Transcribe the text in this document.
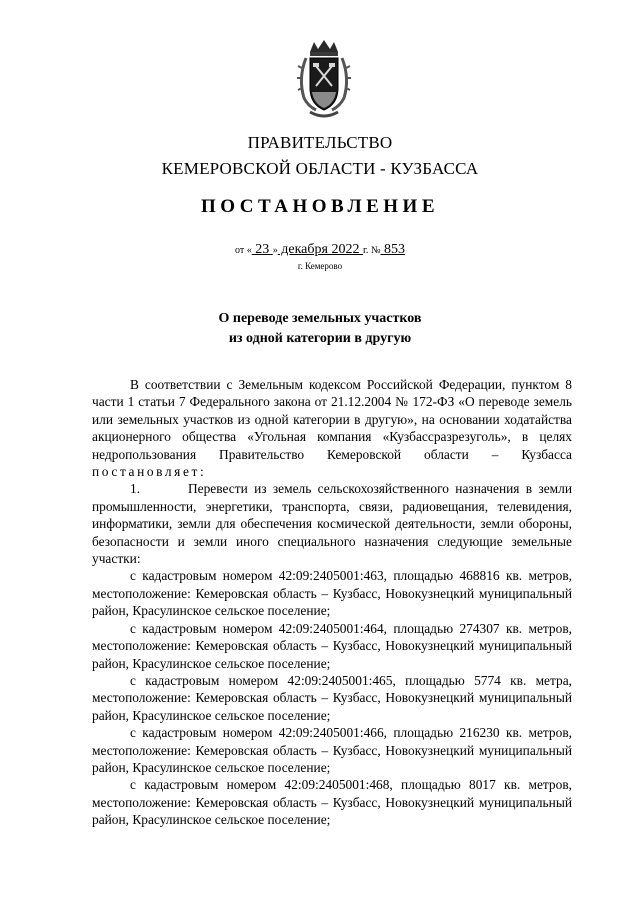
ПРАВИТЕЛЬСТВО
КЕМЕРОВСКОЙ ОБЛАСТИ - КУЗБАССА
ПОСТАНОВЛЕНИЕ
от « 23 » декабря 2022 г. № 853
г. Кемерово
О переводе земельных участков
из одной категории в другую

В соответствии с Земельным кодексом Российской Федерации, пунктом 8 части 1 статьи 7 Федерального закона от 21.12.2004 № 172-ФЗ «О переводе земель или земельных участков из одной категории в другую», на основании ходатайства акционерного общества «Угольная компания «Кузбассразрезуголь», в целях недропользования Правительство Кемеровской области – Кузбасса постановляет:

1.	Перевести из земель сельскохозяйственного назначения в земли промышленности, энергетики, транспорта, связи, радиовещания, телевидения, информатики, земли для обеспечения космической деятельности, земли обороны, безопасности и земли иного специального назначения следующие земельные участки:

с кадастровым номером 42:09:2405001:463, площадью 468816 кв. метров, местоположение: Кемеровская область – Кузбасс, Новокузнецкий муниципальный район, Красулинское сельское поселение;

с кадастровым номером 42:09:2405001:464, площадью 274307 кв. метров, местоположение: Кемеровская область – Кузбасс, Новокузнецкий муниципальный район, Красулинское сельское поселение;

с кадастровым номером 42:09:2405001:465, площадью 5774 кв. метра, местоположение: Кемеровская область – Кузбасс, Новокузнецкий муниципальный район, Красулинское сельское поселение;

с кадастровым номером 42:09:2405001:466, площадью 216230 кв. метров, местоположение: Кемеровская область – Кузбасс, Новокузнецкий муниципальный район, Красулинское сельское поселение;

с кадастровым номером 42:09:2405001:468, площадью 8017 кв. метров, местоположение: Кемеровская область – Кузбасс, Новокузнецкий муниципальный район, Красулинское сельское поселение;
